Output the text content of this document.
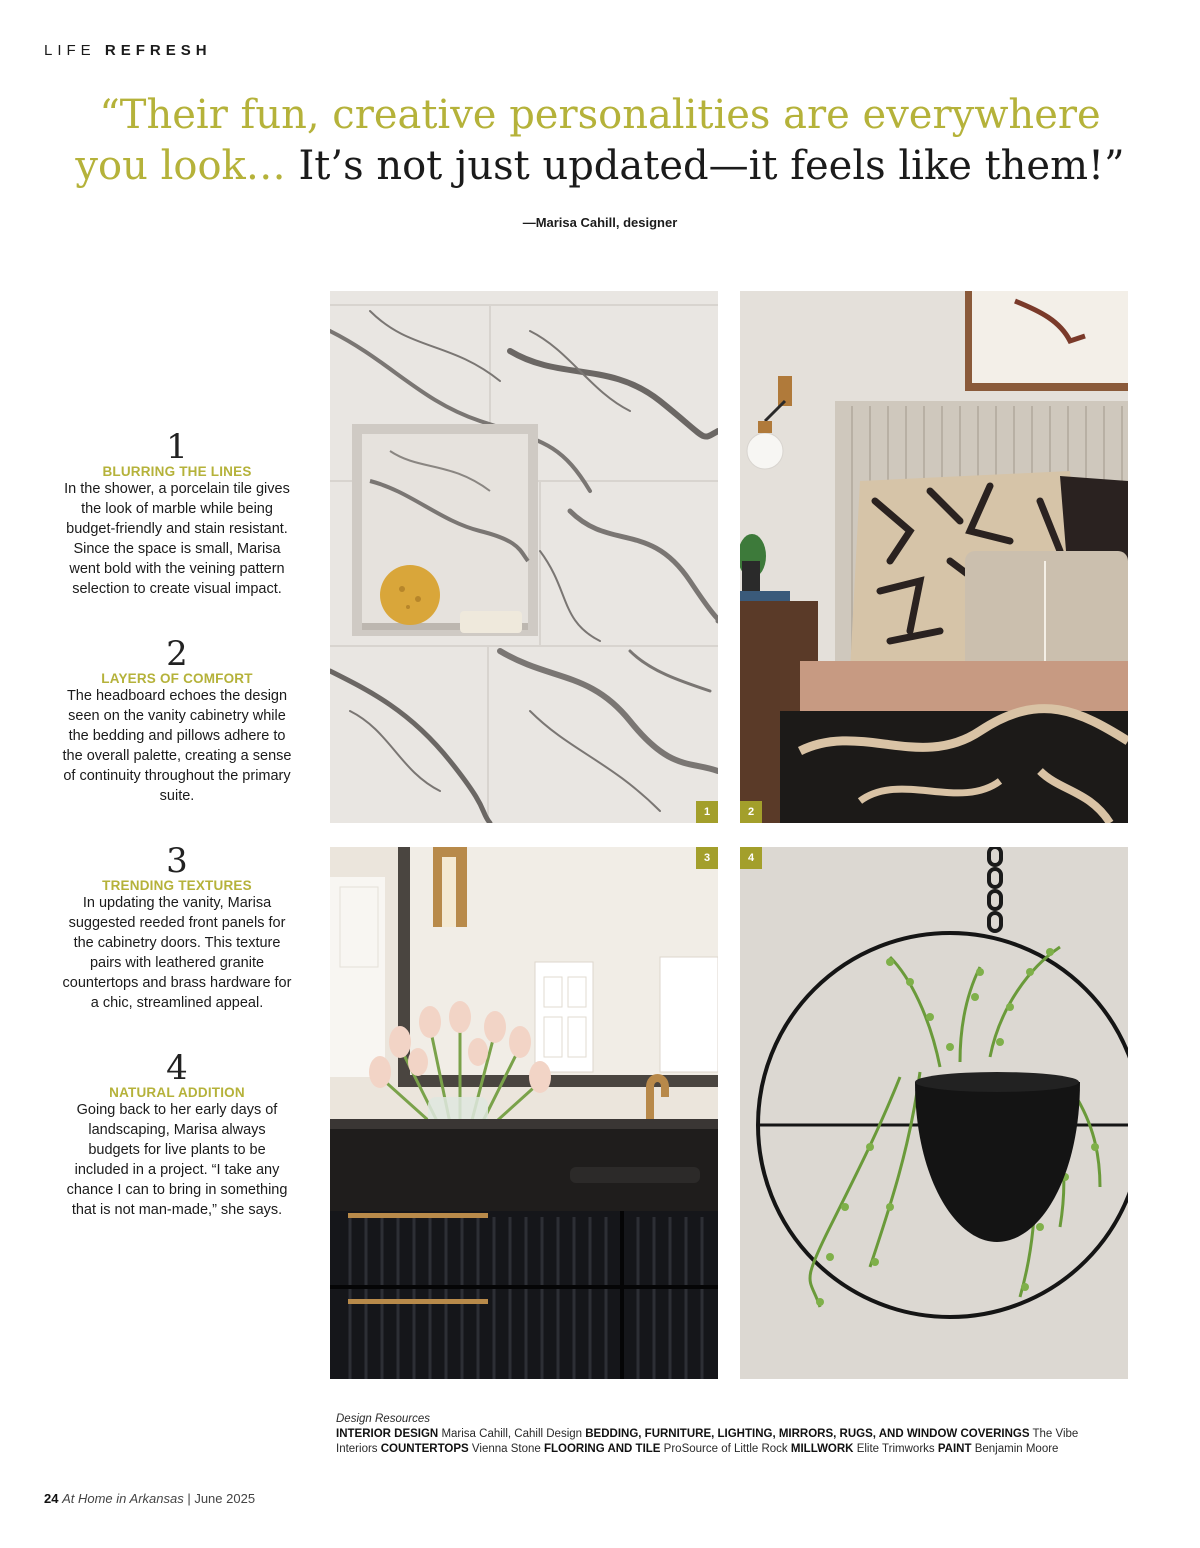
LIFE REFRESH
“Their fun, creative personalities are everywhere you look… It’s not just updated—it feels like them!”
—Marisa Cahill, designer
1
BLURRING THE LINES

In the shower, a porcelain tile gives the look of marble while being budget-friendly and stain resistant. Since the space is small, Marisa went bold with the veining pattern selection to create visual impact.

2
LAYERS OF COMFORT

The headboard echoes the design seen on the vanity cabinetry while the bedding and pillows adhere to the overall palette, creating a sense of continuity throughout the primary suite.

3
TRENDING TEXTURES

In updating the vanity, Marisa suggested reeded front panels for the cabinetry doors. This texture pairs with leathered granite countertops and brass hardware for a chic, streamlined appeal.

4
NATURAL ADDITION

Going back to her early days of landscaping, Marisa always budgets for live plants to be included in a project. “I take any chance I can to bring in something that is not man-made,” she says.

1	2
3	4
Design Resources
INTERIOR DESIGN Marisa Cahill, Cahill Design BEDDING, FURNITURE, LIGHTING, MIRRORS, RUGS, AND WINDOW COVERINGS The Vibe Interiors COUNTERTOPS Vienna Stone FLOORING AND TILE ProSource of Little Rock MILLWORK Elite Trimworks PAINT Benjamin Moore
24 At Home in Arkansas | June 2025
